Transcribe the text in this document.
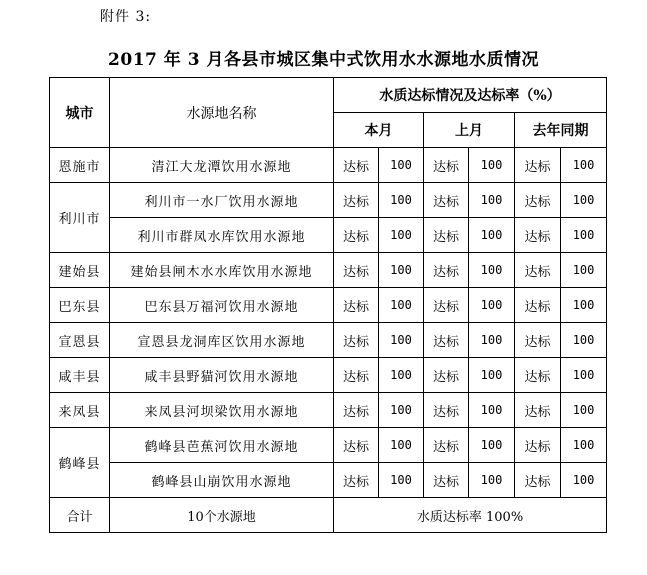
附件 3:
2017 年 3 月各县市城区集中式饮用水水源地水质情况
城市	水源地名称	水质达标情况及达标率（%）					
		本月		上月		去年同期	
恩施市	清江大龙潭饮用水源地	达标	100	达标	100	达标	100
利川市	利川市一水厂饮用水源地	达标	100	达标	100	达标	100
	利川市群凤水库饮用水源地	达标	100	达标	100	达标	100
建始县	建始县闸木水水库饮用水源地	达标	100	达标	100	达标	100
巴东县	巴东县万福河饮用水源地	达标	100	达标	100	达标	100
宣恩县	宣恩县龙洞库区饮用水源地	达标	100	达标	100	达标	100
咸丰县	咸丰县野猫河饮用水源地	达标	100	达标	100	达标	100
来凤县	来凤县河坝梁饮用水源地	达标	100	达标	100	达标	100
鹤峰县	鹤峰县芭蕉河饮用水源地	达标	100	达标	100	达标	100
	鹤峰县山崩饮用水源地	达标	100	达标	100	达标	100
合计	10个水源地	水质达标率 100%					
